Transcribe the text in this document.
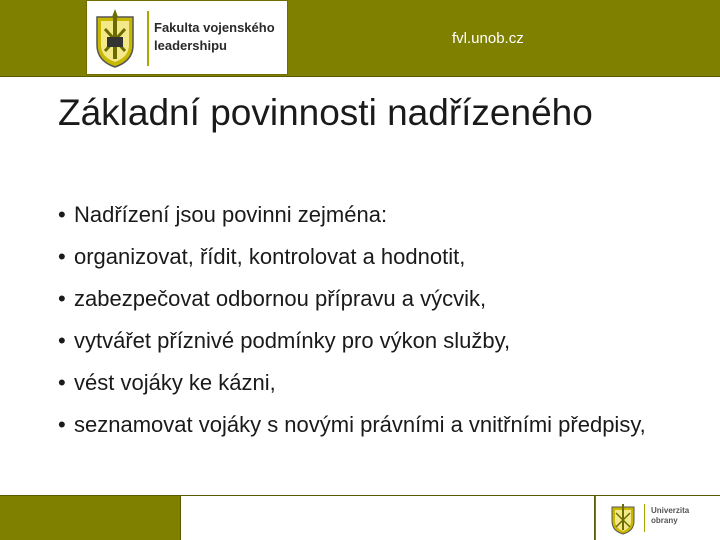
Fakulta vojenského leadershipu	fvl.unob.cz
Základní povinnosti nadřízeného
• Nadřízení jsou povinni zejména:
• organizovat, řídit, kontrolovat a hodnotit,
• zabezpečovat odbornou přípravu a výcvik,
• vytvářet příznivé podmínky pro výkon služby,
• vést vojáky ke kázni,
• seznamovat vojáky s novými právními a vnitřními předpisy,
Univerzita
obrany
